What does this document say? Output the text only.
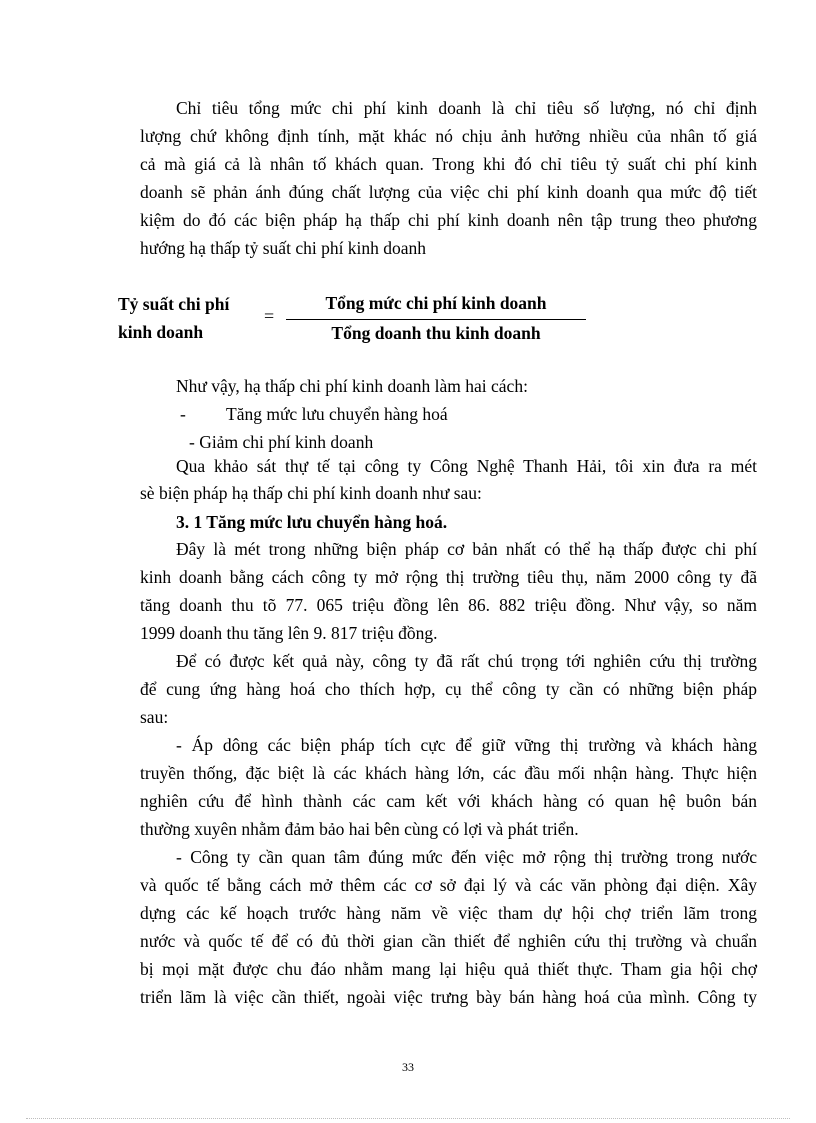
Chỉ tiêu tổng mức chi phí kinh doanh là chỉ tiêu số lượng, nó chỉ định
lượng chứ không định tính, mặt khác nó chịu ảnh hưởng nhiều của nhân tố giá
cả mà giá cả là nhân tố khách quan. Trong khi đó chỉ tiêu tỷ suất chi phí kinh
doanh sẽ phản ánh đúng chất lượng của việc chi phí kinh doanh qua mức độ tiết
kiệm do đó các biện pháp hạ thấp chi phí kinh doanh nên tập trung theo phương
hướng hạ thấp tỷ suất chi phí kinh doanh
Tỷ suất chi phí
kinh doanh
=
Tổng mức chi phí kinh doanh
Tổng doanh thu kinh doanh
Như vậy, hạ thấp chi phí kinh doanh làm hai cách:
- Tăng mức lưu chuyển hàng hoá
- Giảm chi phí kinh doanh
Qua khảo sát thự tế tại công ty Công Nghệ Thanh Hải, tôi xin đưa ra mét
sè biện pháp hạ thấp chi phí kinh doanh như sau:
3. 1 Tăng mức lưu chuyển hàng hoá.
Đây là mét trong những biện pháp cơ bản nhất có thể hạ thấp được chi phí
kinh doanh bằng cách công ty mở rộng thị trường tiêu thụ, năm 2000 công ty đã
tăng doanh thu tõ 77. 065 triệu đồng lên 86. 882 triệu đồng. Như vậy, so năm
1999 doanh thu tăng lên 9. 817 triệu đồng.
Để có được kết quả này, công ty đã rất chú trọng tới nghiên cứu thị trường
để cung ứng hàng hoá cho thích hợp, cụ thể công ty cần có những biện pháp
sau:
- Áp dông các biện pháp tích cực để giữ vững thị trường và khách hàng
truyền thống, đặc biệt là các khách hàng lớn, các đầu mối nhận hàng. Thực hiện
nghiên cứu để hình thành các cam kết với khách hàng có quan hệ buôn bán
thường xuyên nhằm đảm bảo hai bên cùng có lợi và phát triển.
- Công ty cần quan tâm đúng mức đến việc mở rộng thị trường trong nước
và quốc tế bằng cách mở thêm các cơ sở đại lý và các văn phòng đại diện. Xây
dựng các kế hoạch trước hàng năm về việc tham dự hội chợ triển lãm trong
nước và quốc tế để có đủ thời gian cần thiết để nghiên cứu thị trường và chuẩn
bị mọi mặt được chu đáo nhằm mang lại hiệu quả thiết thực. Tham gia hội chợ
triển lãm là việc cần thiết, ngoài việc trưng bày bán hàng hoá của mình. Công ty
33
